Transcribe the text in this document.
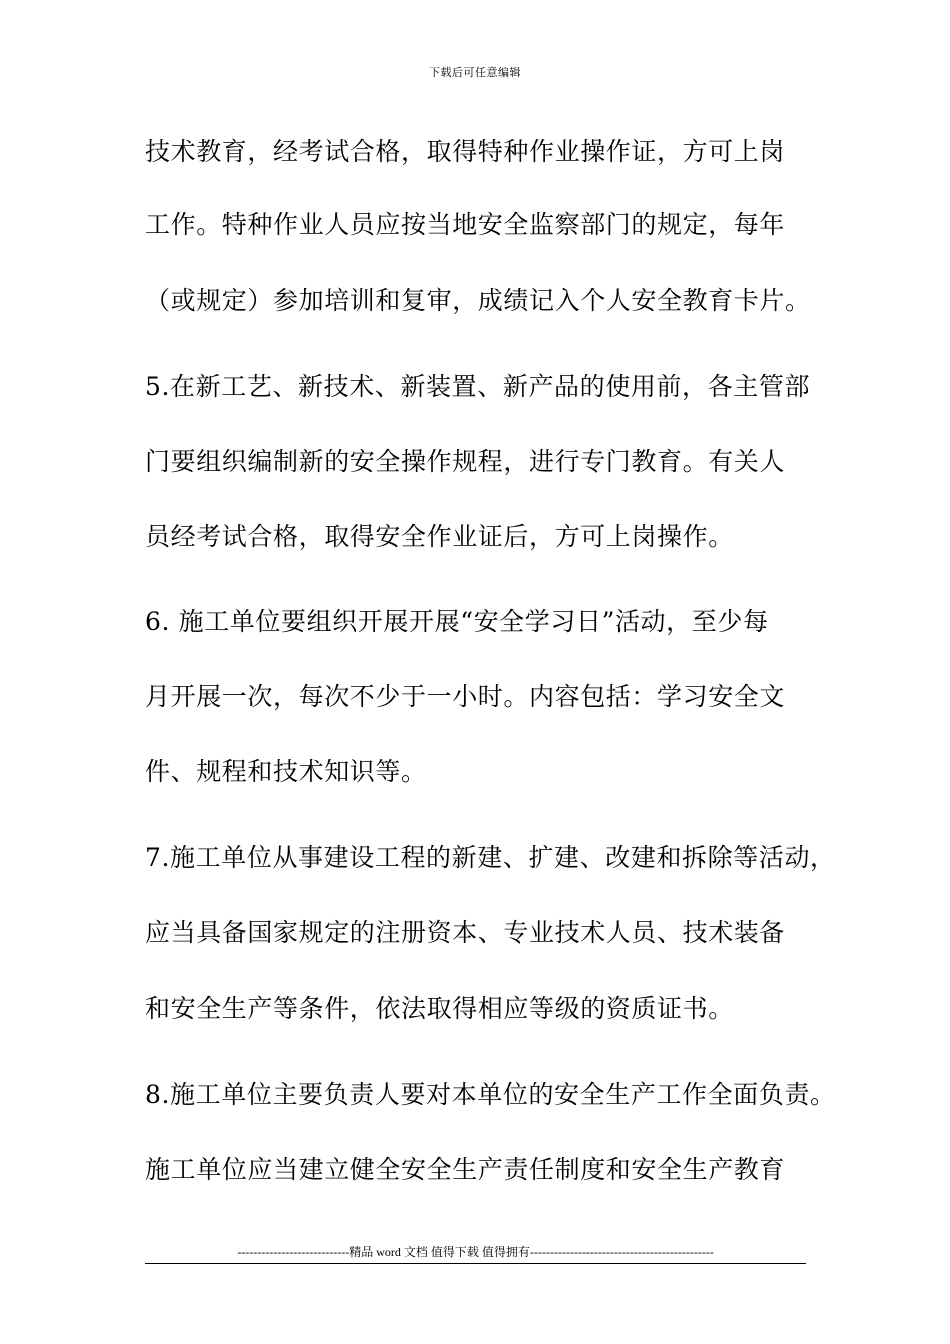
下载后可任意编辑
技术教育，经考试合格，取得特种作业操作证，方可上岗
工作。特种作业人员应按当地安全监察部门的规定，每年
（或规定）参加培训和复审，成绩记入个人安全教育卡片。
5.在新工艺、新技术、新装置、新产品的使用前，各主管部
门要组织编制新的安全操作规程，进行专门教育。有关人
员经考试合格，取得安全作业证后，方可上岗操作。
6. 施工单位要组织开展开展“安全学习日”活动，至少每
月开展一次，每次不少于一小时。内容包括：学习安全文
件、规程和技术知识等。
7.施工单位从事建设工程的新建、扩建、改建和拆除等活动，
应当具备国家规定的注册资本、专业技术人员、技术装备
和安全生产等条件，依法取得相应等级的资质证书。
8.施工单位主要负责人要对本单位的安全生产工作全面负责。
施工单位应当建立健全安全生产责任制度和安全生产教育
----------------------------精品 word 文档 值得下载 值得拥有----------------------------------------------
